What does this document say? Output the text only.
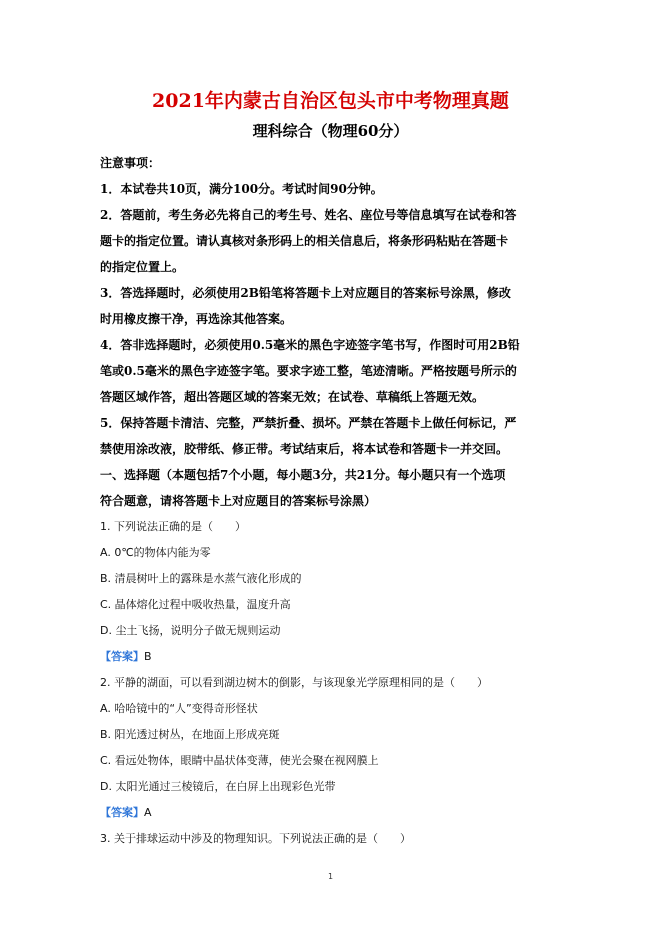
2021年内蒙古自治区包头市中考物理真题
理科综合（物理60分）

注意事项：

1．本试卷共10页，满分100分。考试时间90分钟。

2．答题前，考生务必先将自己的考生号、姓名、座位号等信息填写在试卷和答

题卡的指定位置。请认真核对条形码上的相关信息后，将条形码粘贴在答题卡

的指定位置上。

3．答选择题时，必须使用2B铅笔将答题卡上对应题目的答案标号涂黑，修改

时用橡皮擦干净，再选涂其他答案。

4．答非选择题时，必须使用0.5毫米的黑色字迹签字笔书写，作图时可用2B铅

笔或0.5毫米的黑色字迹签字笔。要求字迹工整，笔迹清晰。严格按题号所示的

答题区域作答，超出答题区域的答案无效；在试卷、草稿纸上答题无效。

5．保持答题卡清洁、完整，严禁折叠、损坏。严禁在答题卡上做任何标记，严

禁使用涂改液，胶带纸、修正带。考试结束后，将本试卷和答题卡一并交回。

一、选择题（本题包括7个小题，每小题3分，共21分。每小题只有一个选项

符合题意，请将答题卡上对应题目的答案标号涂黑）

1. 下列说法正确的是（　　）

A. 0℃的物体内能为零

B. 清晨树叶上的露珠是水蒸气液化形成的

C. 晶体熔化过程中吸收热量，温度升高

D. 尘土飞扬，说明分子做无规则运动

【答案】B

2. 平静的湖面，可以看到湖边树木的倒影，与该现象光学原理相同的是（　　）

A. 哈哈镜中的“人”变得奇形怪状

B. 阳光透过树丛，在地面上形成亮斑

C. 看远处物体，眼睛中晶状体变薄，使光会聚在视网膜上

D. 太阳光通过三棱镜后，在白屏上出现彩色光带

【答案】A

3. 关于排球运动中涉及的物理知识。下列说法正确的是（　　）

1
